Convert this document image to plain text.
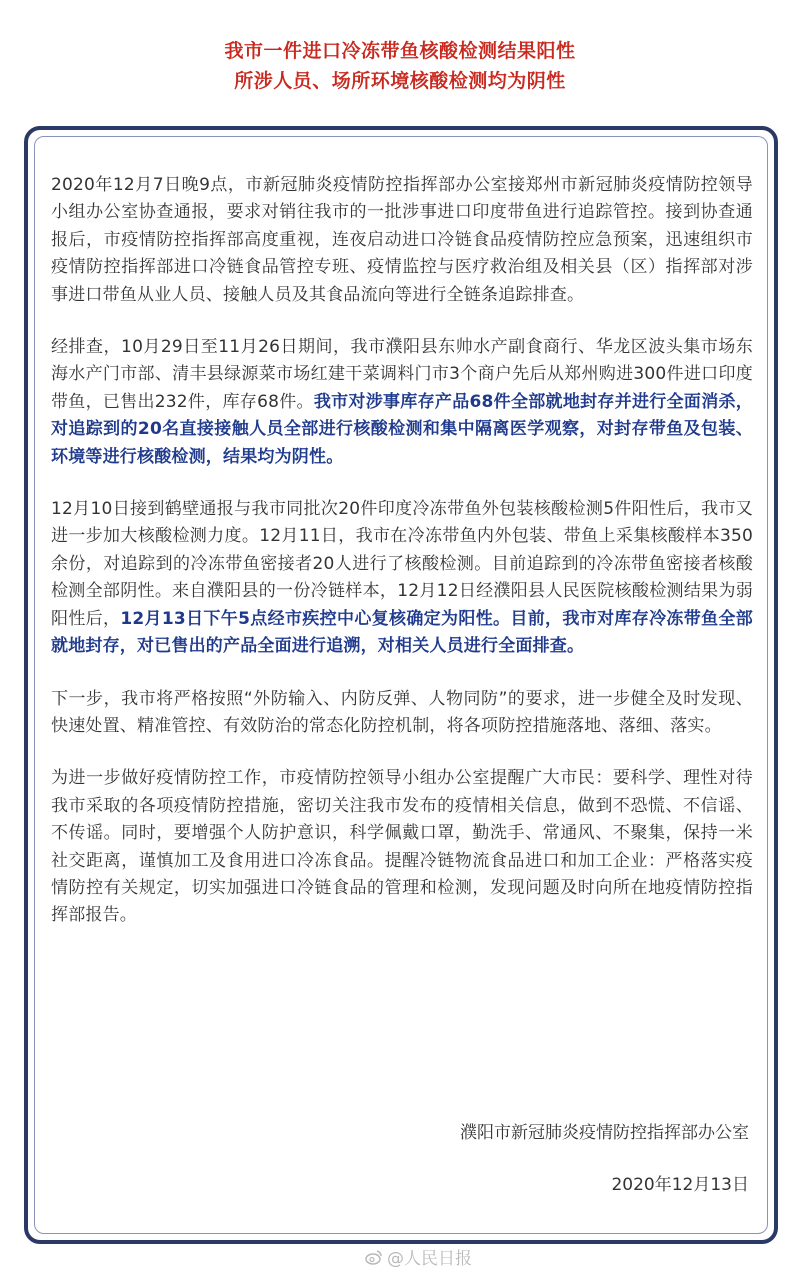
我市一件进口冷冻带鱼核酸检测结果阳性
所涉人员、场所环境核酸检测均为阴性

2020年12月7日晚9点，市新冠肺炎疫情防控指挥部办公室接郑州市新冠肺炎疫情防控领导小组办公室协查通报，要求对销往我市的一批涉事进口印度带鱼进行追踪管控。接到协查通报后，市疫情防控指挥部高度重视，连夜启动进口冷链食品疫情防控应急预案，迅速组织市疫情防控指挥部进口冷链食品管控专班、疫情监控与医疗救治组及相关县（区）指挥部对涉事进口带鱼从业人员、接触人员及其食品流向等进行全链条追踪排查。

经排查，10月29日至11月26日期间，我市濮阳县东帅水产副食商行、华龙区波头集市场东海水产门市部、清丰县绿源菜市场红建干菜调料门市3个商户先后从郑州购进300件进口印度带鱼，已售出232件，库存68件。我市对涉事库存产品68件全部就地封存并进行全面消杀，对追踪到的20名直接接触人员全部进行核酸检测和集中隔离医学观察，对封存带鱼及包装、环境等进行核酸检测，结果均为阴性。

12月10日接到鹤壁通报与我市同批次20件印度冷冻带鱼外包装核酸检测5件阳性后，我市又进一步加大核酸检测力度。12月11日，我市在冷冻带鱼内外包装、带鱼上采集核酸样本350余份，对追踪到的冷冻带鱼密接者20人进行了核酸检测。目前追踪到的冷冻带鱼密接者核酸检测全部阴性。来自濮阳县的一份冷链样本，12月12日经濮阳县人民医院核酸检测结果为弱阳性后，12月13日下午5点经市疾控中心复核确定为阳性。目前，我市对库存冷冻带鱼全部就地封存，对已售出的产品全面进行追溯，对相关人员进行全面排查。

下一步，我市将严格按照“外防输入、内防反弹、人物同防”的要求，进一步健全及时发现、快速处置、精准管控、有效防治的常态化防控机制，将各项防控措施落地、落细、落实。

为进一步做好疫情防控工作，市疫情防控领导小组办公室提醒广大市民：要科学、理性对待我市采取的各项疫情防控措施，密切关注我市发布的疫情相关信息，做到不恐慌、不信谣、不传谣。同时，要增强个人防护意识，科学佩戴口罩，勤洗手、常通风、不聚集，保持一米社交距离，谨慎加工及食用进口冷冻食品。提醒冷链物流食品进口和加工企业：严格落实疫情防控有关规定，切实加强进口冷链食品的管理和检测，发现问题及时向所在地疫情防控指挥部报告。

濮阳市新冠肺炎疫情防控指挥部办公室
2020年12月13日
@人民日报
